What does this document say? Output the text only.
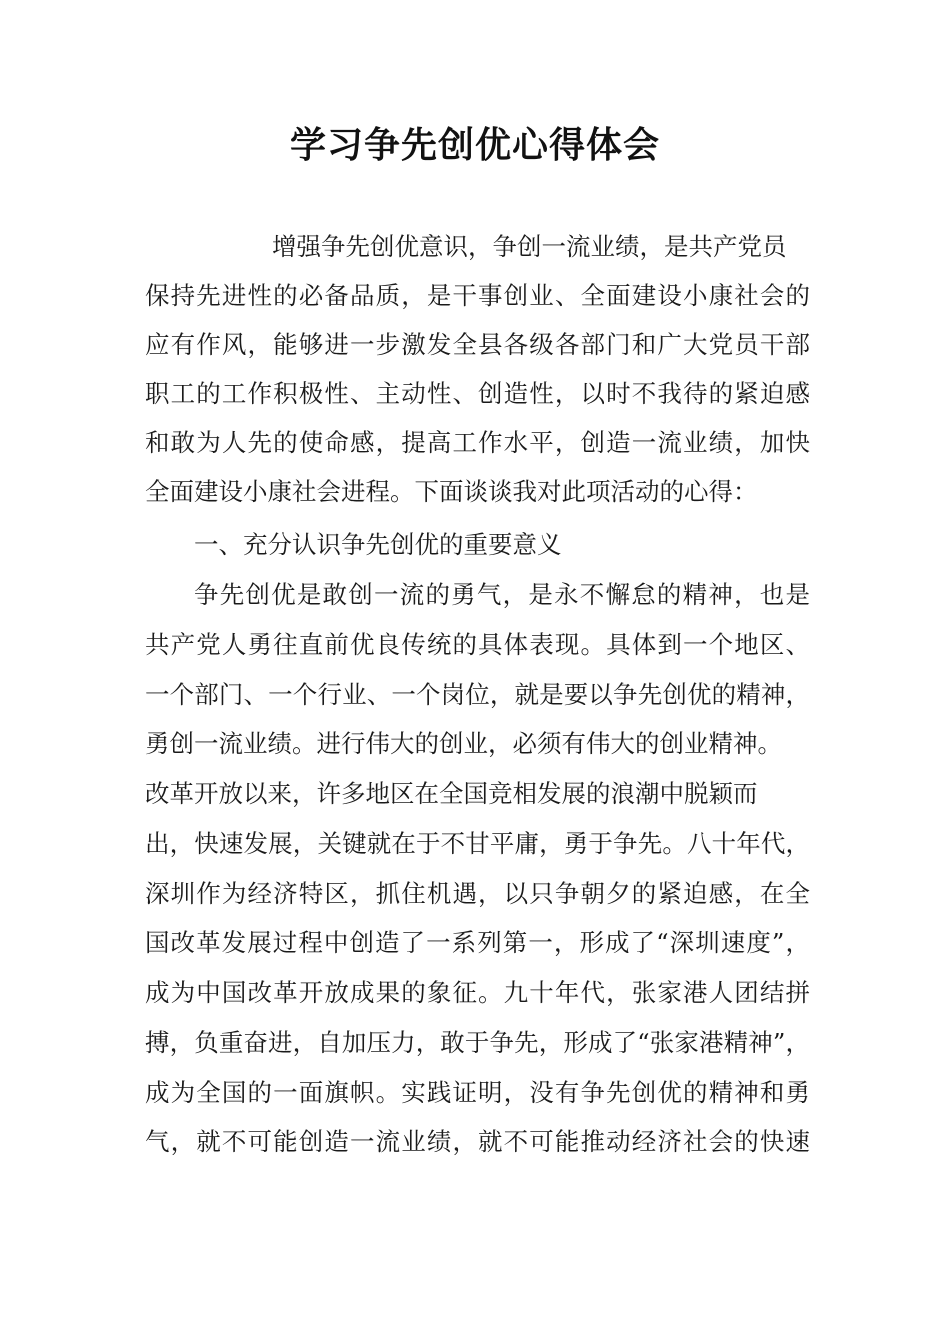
学习争先创优心得体会
增强争先创优意识，争创一流业绩，是共产党员
保持先进性的必备品质，是干事创业、全面建设小康社会的
应有作风，能够进一步激发全县各级各部门和广大党员干部
职工的工作积极性、主动性、创造性，以时不我待的紧迫感
和敢为人先的使命感，提高工作水平，创造一流业绩，加快
全面建设小康社会进程。下面谈谈我对此项活动的心得：
一、充分认识争先创优的重要意义
争先创优是敢创一流的勇气，是永不懈怠的精神，也是
共产党人勇往直前优良传统的具体表现。具体到一个地区、
一个部门、一个行业、一个岗位，就是要以争先创优的精神，
勇创一流业绩。进行伟大的创业，必须有伟大的创业精神。
改革开放以来，许多地区在全国竞相发展的浪潮中脱颖而
出，快速发展，关键就在于不甘平庸，勇于争先。八十年代，
深圳作为经济特区，抓住机遇，以只争朝夕的紧迫感，在全
国改革发展过程中创造了一系列第一，形成了“深圳速度”，
成为中国改革开放成果的象征。九十年代，张家港人团结拼
搏，负重奋进，自加压力，敢于争先，形成了“张家港精神”，
成为全国的一面旗帜。实践证明，没有争先创优的精神和勇
气，就不可能创造一流业绩，就不可能推动经济社会的快速
